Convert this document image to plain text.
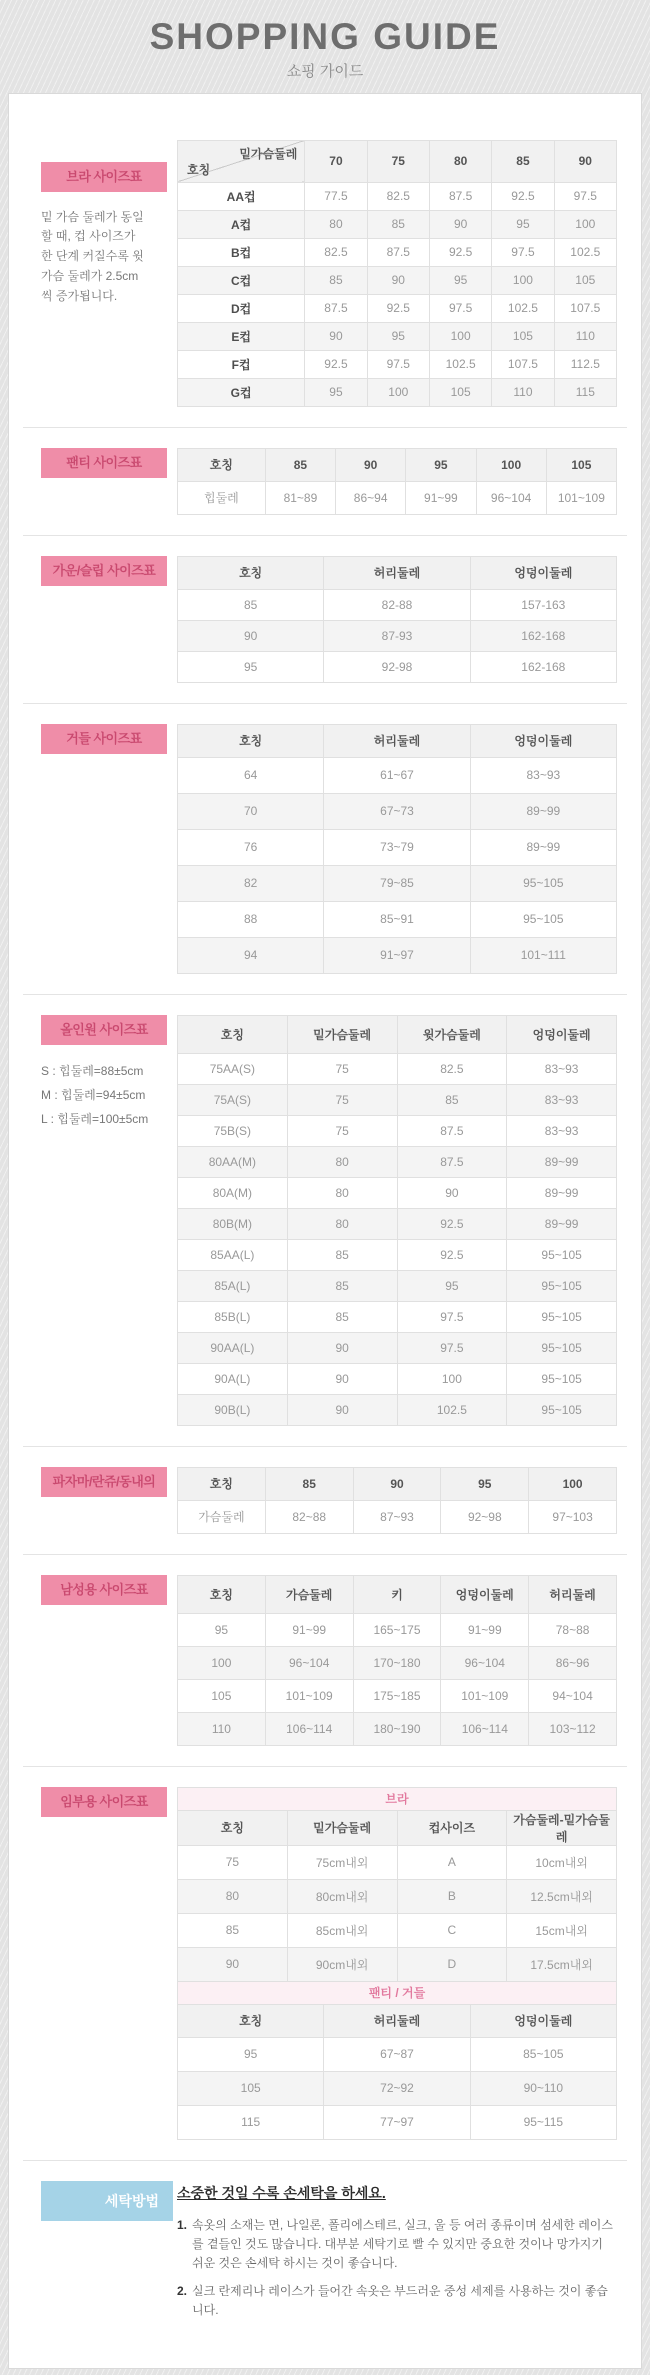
SHOPPING GUIDE

쇼핑 가이드

브라 사이즈표

밑 가슴 둘레가 동일할 때, 컵 사이즈가 한 단계 커질수록 윗 가슴 둘레가 2.5cm씩 증가됩니다.

밑가슴둘레
호칭	70	75	80	85	90
AA컵	77.5	82.5	87.5	92.5	97.5
A컵	80	85	90	95	100
B컵	82.5	87.5	92.5	97.5	102.5
C컵	85	90	95	100	105
D컵	87.5	92.5	97.5	102.5	107.5
E컵	90	95	100	105	110
F컵	92.5	97.5	102.5	107.5	112.5
G컵	95	100	105	110	115
팬티 사이즈표	호칭	85	90	95	100	105
힙둘레	81~89	86~94	91~99	96~104	101~109
가운/슬립 사이즈표	호칭	허리둘레	엉덩이둘레
85	82-88	157-163
90	87-93	162-168
95	92-98	162-168
거들 사이즈표	호칭	허리둘레	엉덩이둘레
64	61~67	83~93
70	67~73	89~99
76	73~79	89~99
82	79~85	95~105
88	85~91	95~105
94	91~97	101~111
올인원 사이즈표
S : 힙둘레=88±5cm
M : 힙둘레=94±5cm
L : 힙둘레=100±5cm
호칭	밑가슴둘레	윗가슴둘레	엉덩이둘레
75AA(S)	75	82.5	83~93
75A(S)	75	85	83~93
75B(S)	75	87.5	83~93
80AA(M)	80	87.5	89~99
80A(M)	80	90	89~99
80B(M)	80	92.5	89~99
85AA(L)	85	92.5	95~105
85A(L)	85	95	95~105
85B(L)	85	97.5	95~105
90AA(L)	90	97.5	95~105
90A(L)	90	100	95~105
90B(L)	90	102.5	95~105
파자마/란쥬/동내의	호칭	85	90	95	100
가슴둘레	82~88	87~93	92~98	97~103
남성용 사이즈표	호칭	가슴둘레	키	엉덩이둘레	허리둘레
95	91~99	165~175	91~99	78~88
100	96~104	170~180	96~104	86~96
105	101~109	175~185	101~109	94~104
110	106~114	180~190	106~114	103~112
임부용 사이즈표	브라			
호칭	밑가슴둘레	컵사이즈	가슴둘레-밑가슴둘레
75	75cm내외	A	10cm내외
80	80cm내외	B	12.5cm내외
85	85cm내외	C	15cm내외
90	90cm내외	D	17.5cm내외
팬티 / 거들		
호칭	허리둘레	엉덩이둘레
95	67~87	85~105
105	72~92	90~110
115	77~97	95~115
세탁방법	소중한 것일 수록 손세탁을 하세요.
1. 속옷의 소재는 면, 나일론, 폴리에스테르, 실크, 울 등 여러 종류이며 섬세한 레이스를 곁들인 것도 많습니다. 대부분 세탁기로 빨 수 있지만 중요한 것이나 망가지기 쉬운 것은 손세탁 하시는 것이 좋습니다.

2. 실크 란제리나 레이스가 들어간 속옷은 부드러운 중성 세제를 사용하는 것이 좋습니다.
